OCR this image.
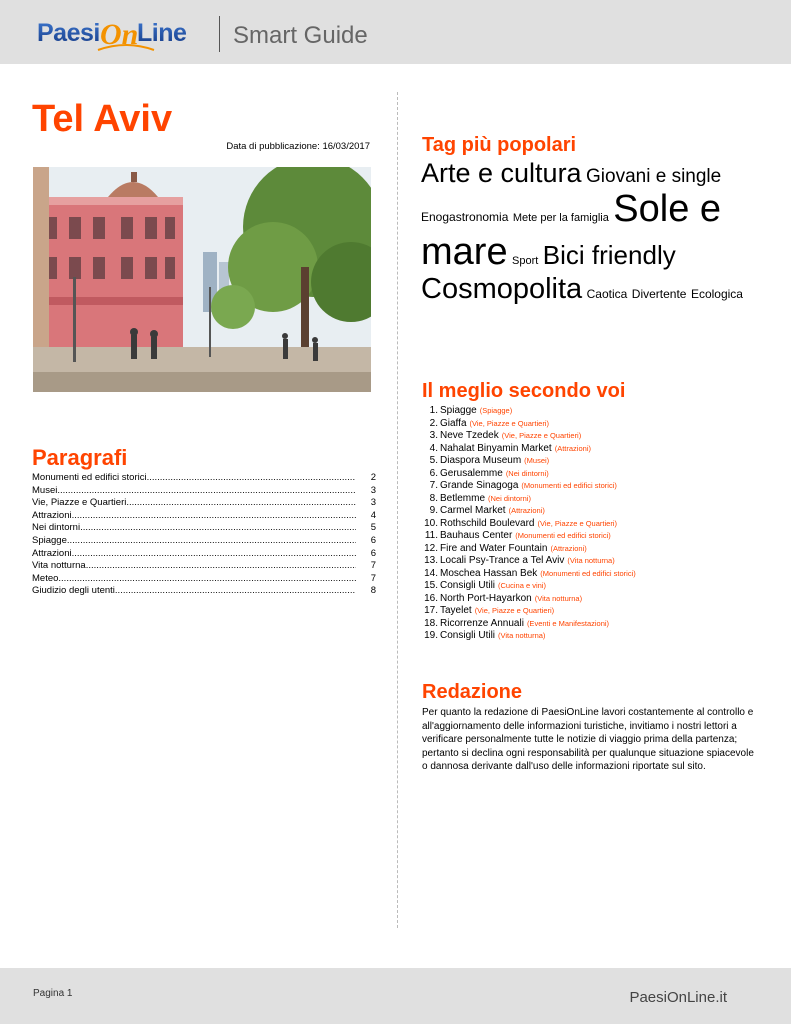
Paesi On
Line Smart Guide
Tel Aviv
Data di pubblicazione: 16/03/2017
Paragrafi
Monumenti ed edifici storici .....	2
Musei .....	3
Vie, Piazze e Quartieri .....	3
Attrazioni .....	4
Nei dintorni .....	5
Spiagge .....	6
Attrazioni .....	6
Vita notturna .....	7
Meteo .....	7
Giudizio degli utenti .....	8
Tag più popolari
Arte e cultura Giovani e single Enogastronomia Mete per la famiglia Sole e mare Sport Bici friendly Cosmopolita Caotica Divertente Ecologica
Il meglio secondo voi
1. Spiagge (Spiagge)
2. Giaffa (Vie, Piazze e Quartieri)
3. Neve Tzedek (Vie, Piazze e Quartieri)
4. Nahalat Binyamin Market (Attrazioni)
5. Diaspora Museum (Musei)
6. Gerusalemme (Nei dintorni)
7. Grande Sinagoga (Monumenti ed edifici storici)
8. Betlemme (Nei dintorni)
9. Carmel Market (Attrazioni)
10. Rothschild Boulevard (Vie, Piazze e Quartieri)
11. Bauhaus Center (Monumenti ed edifici storici)
12. Fire and Water Fountain (Attrazioni)
13. Locali Psy-Trance a Tel Aviv (Vita notturna)
14. Moschea Hassan Bek (Monumenti ed edifici storici)
15. Consigli Utili (Cucina e vini)
16. North Port-Hayarkon (Vita notturna)
17. Tayelet (Vie, Piazze e Quartieri)
18. Ricorrenze Annuali (Eventi e Manifestazioni)
19. Consigli Utili (Vita notturna)
Redazione

Per quanto la redazione di PaesiOnLine lavori costantemente al controllo e all'aggiornamento delle informazioni turistiche, invitiamo i nostri lettori a verificare personalmente tutte le notizie di viaggio prima della partenza; pertanto si declina ogni responsabilità per qualunque situazione spiacevole o dannosa derivante dall'uso delle informazioni riportate sul sito.

Pagina 1	PaesiOnLine.it
